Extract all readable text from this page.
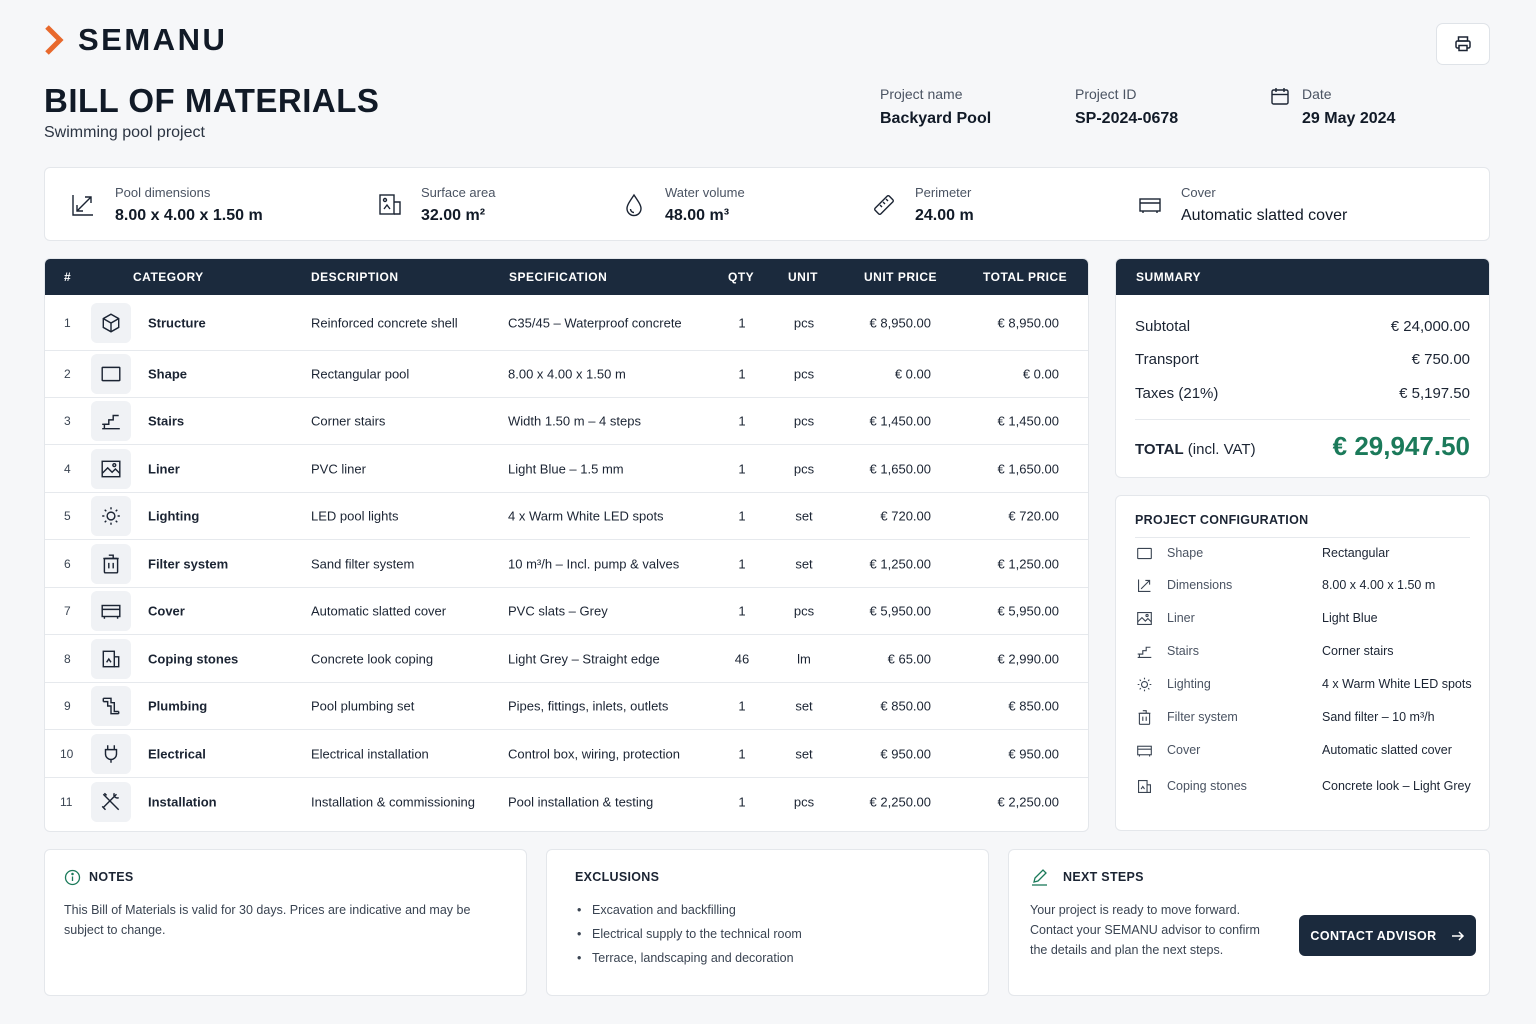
SEMANU
BILL OF MATERIALS
Swimming pool project
Project name
Backyard Pool
Project ID
SP-2024-0678
Date
29 May 2024
Pool dimensions
8.00 x 4.00 x 1.50 m
Surface area
32.00 m²
Water volume
48.00 m³
Perimeter
24.00 m
Cover
Automatic slatted cover
#	CATEGORY	DESCRIPTION	SPECIFICATION	QTY	UNIT	UNIT PRICE	TOTAL PRICE
1	Structure	Reinforced concrete shell	C35/45 – Waterproof concrete	1	pcs	€ 8,950.00	€ 8,950.00
2	Shape	Rectangular pool	8.00 x 4.00 x 1.50 m	1	pcs	€ 0.00	€ 0.00
3	Stairs	Corner stairs	Width 1.50 m – 4 steps	1	pcs	€ 1,450.00	€ 1,450.00
4	Liner	PVC liner	Light Blue – 1.5 mm	1	pcs	€ 1,650.00	€ 1,650.00
5	Lighting	LED pool lights	4 x Warm White LED spots	1	set	€ 720.00	€ 720.00
6	Filter system	Sand filter system	10 m³/h – Incl. pump & valves	1	set	€ 1,250.00	€ 1,250.00
7	Cover	Automatic slatted cover	PVC slats – Grey	1	pcs	€ 5,950.00	€ 5,950.00
8	Coping stones	Concrete look coping	Light Grey – Straight edge	46	lm	€ 65.00	€ 2,990.00
9	Plumbing	Pool plumbing set	Pipes, fittings, inlets, outlets	1	set	€ 850.00	€ 850.00
10	Electrical	Electrical installation	Control box, wiring, protection	1	set	€ 950.00	€ 950.00
11	Installation	Installation & commissioning	Pool installation & testing	1	pcs	€ 2,250.00	€ 2,250.00
SUMMARY
Subtotal	€ 24,000.00
Transport	€ 750.00
Taxes (21%)	€ 5,197.50
TOTAL (incl. VAT)	€ 29,947.50
PROJECT CONFIGURATION
Shape	Rectangular
Dimensions	8.00 x 4.00 x 1.50 m
Liner	Light Blue
Stairs	Corner stairs
Lighting	4 x Warm White LED spots
Filter system	Sand filter – 10 m³/h
Cover	Automatic slatted cover
Coping stones	Concrete look – Light Grey
NOTES
This Bill of Materials is valid for 30 days. Prices are indicative and may be subject to change.
EXCLUSIONS
• Excavation and backfilling
• Electrical supply to the technical room
• Terrace, landscaping and decoration
NEXT STEPS
Your project is ready to move forward. Contact your SEMANU advisor to confirm the details and plan the next steps.
CONTACT ADVISOR
